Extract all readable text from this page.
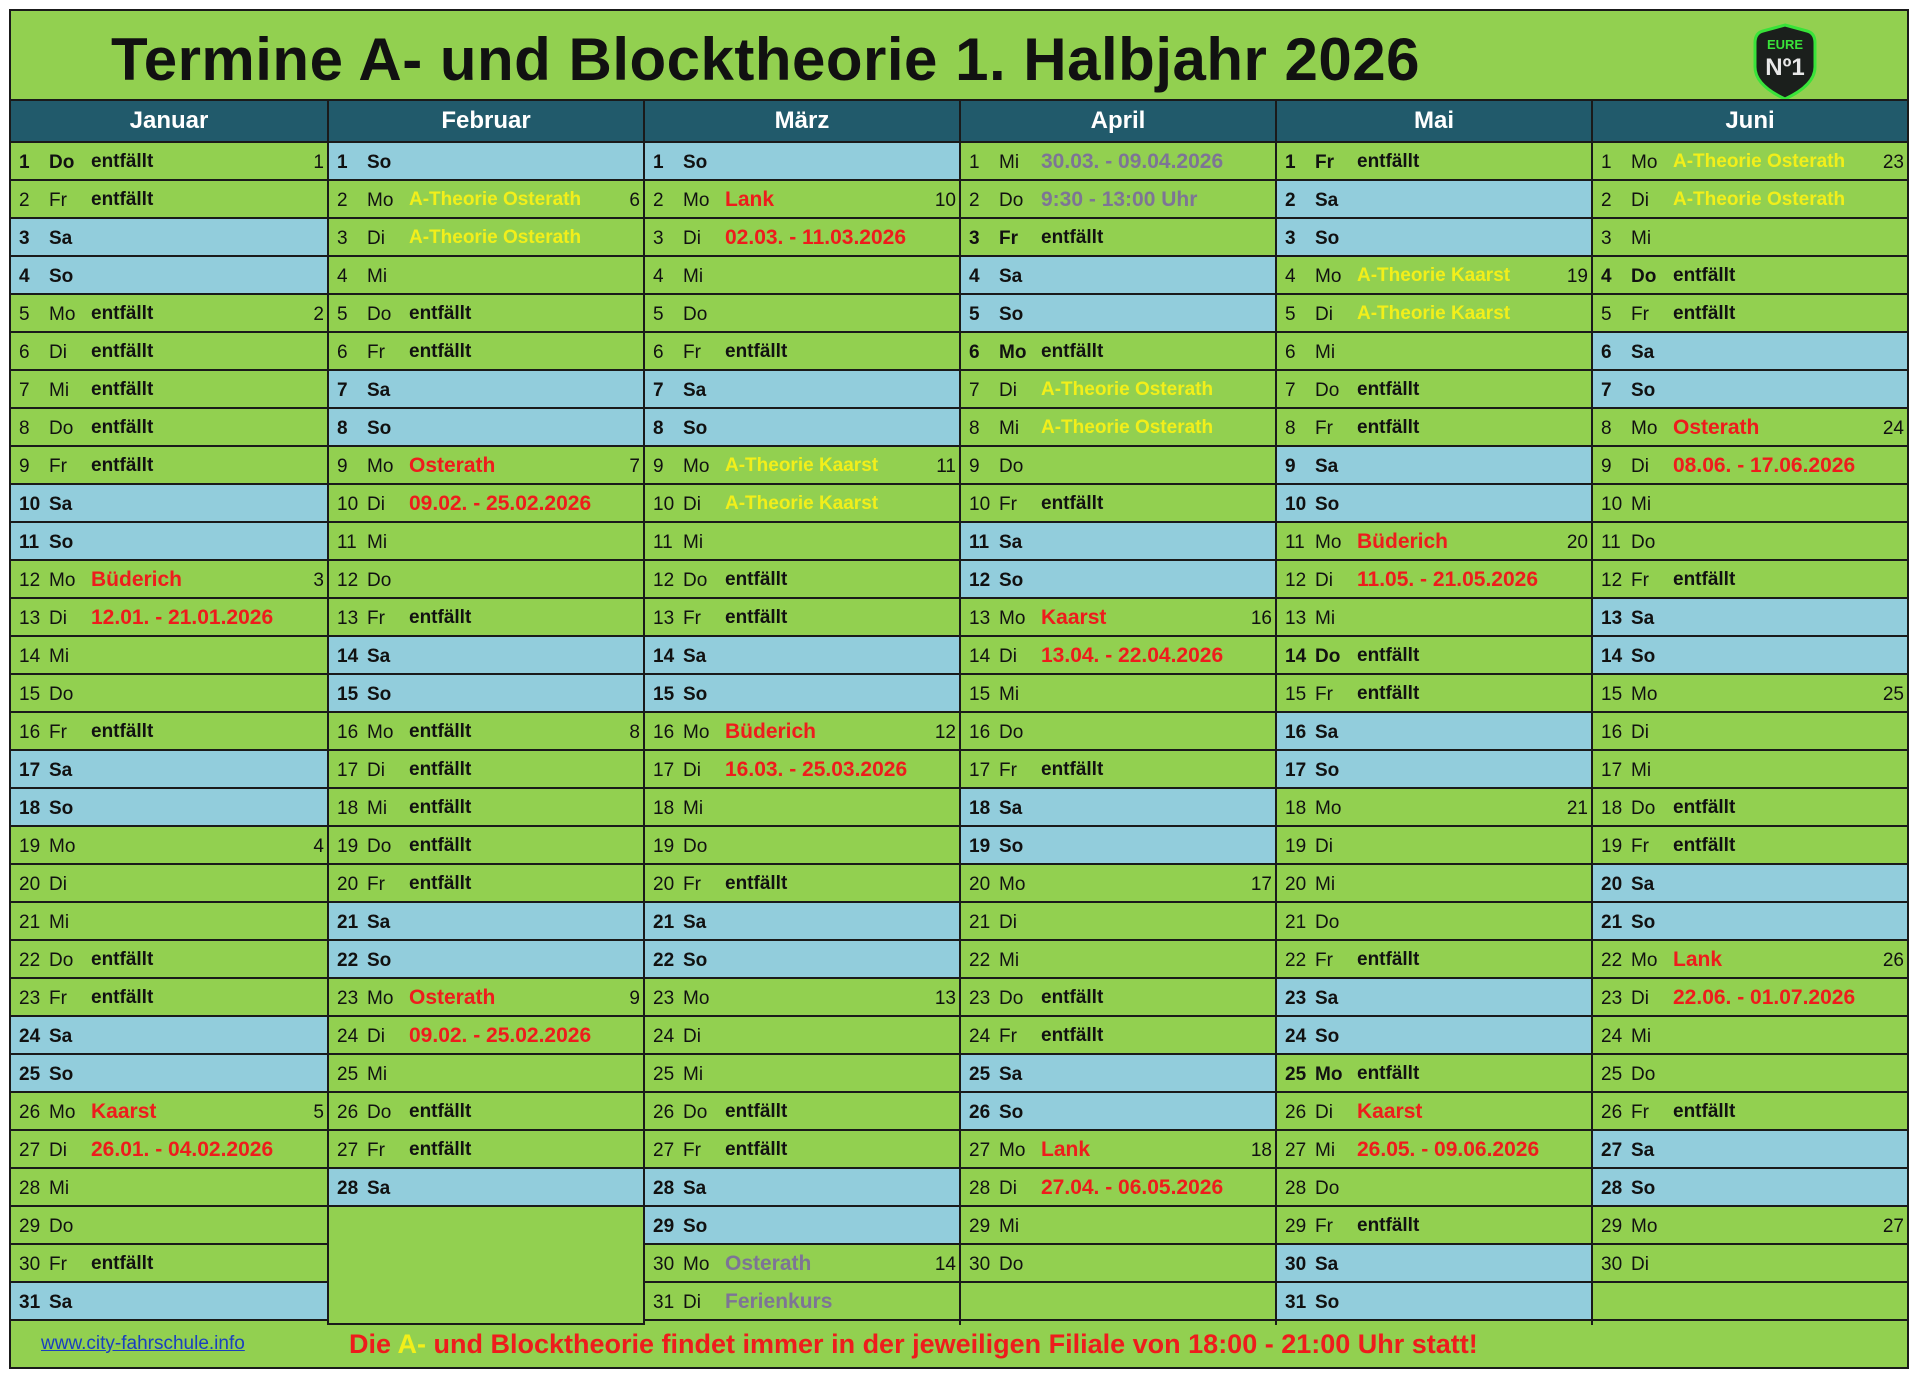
Termine A- und Blocktheorie 1. Halbjahr 2026	EURE
Nº1
Januar
1 Do entfällt	1
2 Fr entfällt
3 Sa
4 So
5 Mo entfällt	2
6 Di entfällt
7 Mi entfällt
8 Do entfällt
9 Fr entfällt
10 Sa
11 So
12 Mo Büderich	3
13 Di 12.01. - 21.01.2026
14 Mi
15 Do
16 Fr entfällt
17 Sa
18 So
19 Mo	4
20 Di
21 Mi
22 Do entfällt
23 Fr entfällt
24 Sa
25 So
26 Mo Kaarst	5
27 Di 26.01. - 04.02.2026
28 Mi
29 Do
30 Fr entfällt
31 Sa
Februar
1 So
2 Mo A-Theorie Osterath	6
3 Di A-Theorie Osterath
4 Mi
5 Do entfällt
6 Fr entfällt
7 Sa
8 So
9 Mo Osterath	7
10 Di 09.02. - 25.02.2026
11 Mi
12 Do
13 Fr entfällt
14 Sa
15 So
16 Mo entfällt	8
17 Di entfällt
18 Mi entfällt
19 Do entfällt
20 Fr entfällt
21 Sa
22 So
23 Mo Osterath	9
24 Di 09.02. - 25.02.2026
25 Mi
26 Do entfällt
27 Fr entfällt
28 Sa
März
1 So
2 Mo Lank	10
3 Di 02.03. - 11.03.2026
4 Mi
5 Do
6 Fr entfällt
7 Sa
8 So
9 Mo A-Theorie Kaarst	11
10 Di A-Theorie Kaarst
11 Mi
12 Do entfällt
13 Fr entfällt
14 Sa
15 So
16 Mo Büderich	12
17 Di 16.03. - 25.03.2026
18 Mi
19 Do
20 Fr entfällt
21 Sa
22 So
23 Mo	13
24 Di
25 Mi
26 Do entfällt
27 Fr entfällt
28 Sa
29 So
30 Mo Osterath	14
31 Di Ferienkurs
April
1 Mi 30.03. - 09.04.2026
2 Do 9:30 - 13:00 Uhr
3 Fr entfällt
4 Sa
5 So
6 Mo entfällt
7 Di A-Theorie Osterath
8 Mi A-Theorie Osterath
9 Do
10 Fr entfällt
11 Sa
12 So
13 Mo Kaarst	16
14 Di 13.04. - 22.04.2026
15 Mi
16 Do
17 Fr entfällt
18 Sa
19 So
20 Mo	17
21 Di
22 Mi
23 Do entfällt
24 Fr entfällt
25 Sa
26 So
27 Mo Lank	18
28 Di 27.04. - 06.05.2026
29 Mi
30 Do
Mai
1 Fr entfällt
2 Sa
3 So
4 Mo A-Theorie Kaarst	19
5 Di A-Theorie Kaarst
6 Mi
7 Do entfällt
8 Fr entfällt
9 Sa
10 So
11 Mo Büderich	20
12 Di 11.05. - 21.05.2026
13 Mi
14 Do entfällt
15 Fr entfällt
16 Sa
17 So
18 Mo	21
19 Di
20 Mi
21 Do
22 Fr entfällt
23 Sa
24 So
25 Mo entfällt
26 Di Kaarst
27 Mi 26.05. - 09.06.2026
28 Do
29 Fr entfällt
30 Sa
31 So
Juni
1 Mo A-Theorie Osterath 23
2 Di A-Theorie Osterath
3 Mi
4 Do entfällt
5 Fr entfällt
6 Sa
7 So
8 Mo Osterath	24
9 Di 08.06. - 17.06.2026
10 Mi
11 Do
12 Fr entfällt
13 Sa
14 So
15 Mo	25
16 Di
17 Mi
18 Do entfällt
19 Fr entfällt
20 Sa
21 So
22 Mo Lank	26
23 Di 22.06. - 01.07.2026
24 Mi
25 Do
26 Fr entfällt
27 Sa
28 So
29 Mo	27
30 Di
www.city-fahrschule.info	Die A- und Blocktheorie findet immer in der jeweiligen Filiale von 18:00 - 21:00 Uhr statt!
